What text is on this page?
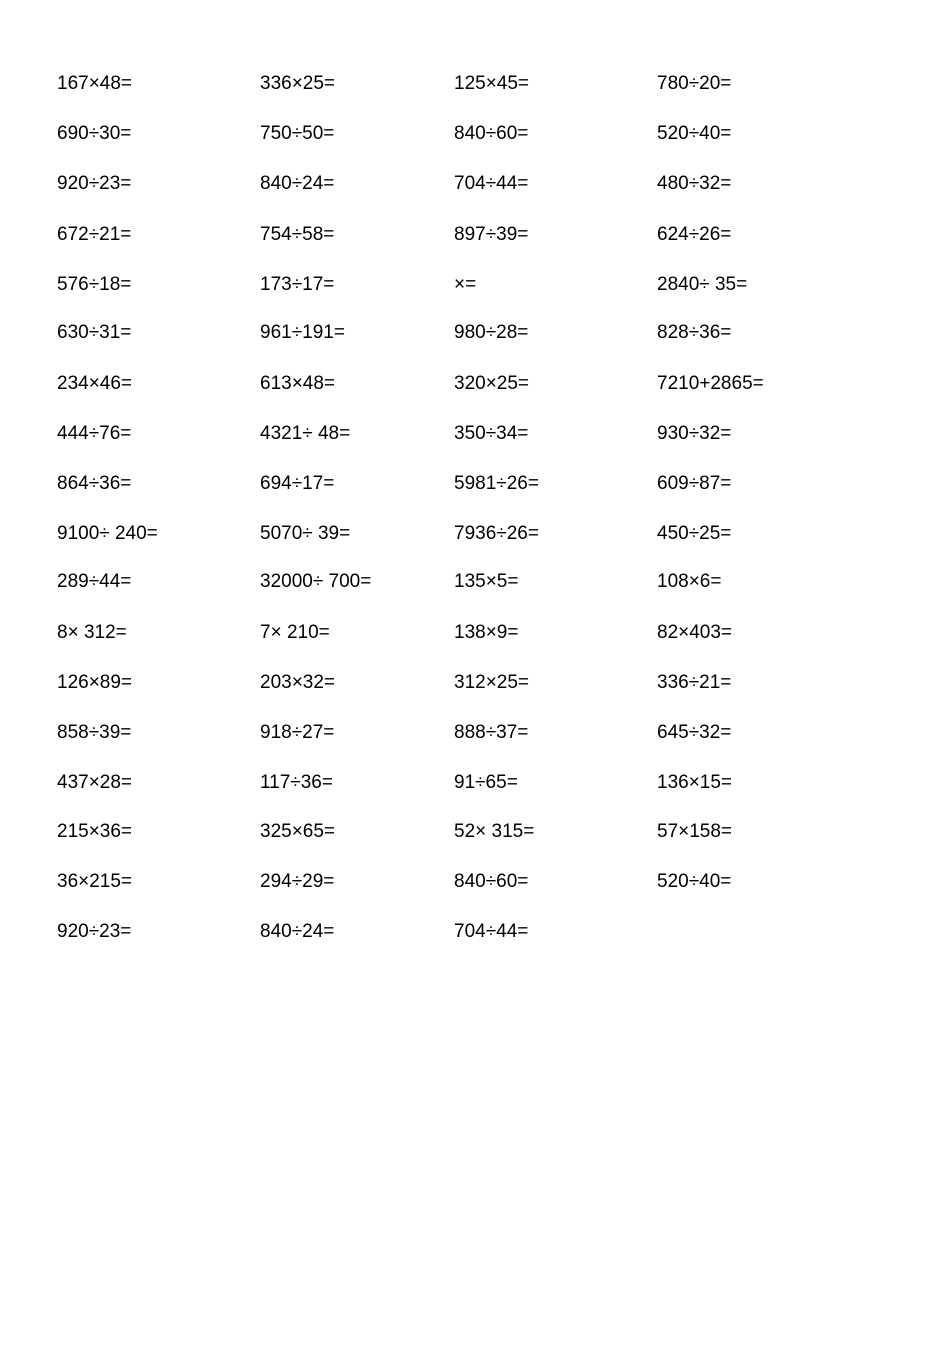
167×48=	336×25=	125×45=	780÷20=
690÷30=	750÷50=	840÷60=	520÷40=
920÷23=	840÷24=	704÷44=	480÷32=
672÷21=	754÷58=	897÷39=	624÷26=
576÷18=	173÷17=	×=	2840÷ 35=
630÷31=	961÷191=	980÷28=	828÷36=
234×46=	613×48=	320×25=	7210+2865=
444÷76=	4321÷ 48=	350÷34=	930÷32=
864÷36=	694÷17=	5981÷26=	609÷87=
9100÷ 240=	5070÷ 39=	7936÷26=	450÷25=
289÷44=	32000÷ 700=	135×5=	108×6=
8× 312=	7× 210=	138×9=	82×403=
126×89=	203×32=	312×25=	336÷21=
858÷39=	918÷27=	888÷37=	645÷32=
437×28=	117÷36=	91÷65=	136×15=
215×36=	325×65=	52× 315=	57×158=
36×215=	294÷29=	840÷60=	520÷40=
920÷23=	840÷24=	704÷44=
